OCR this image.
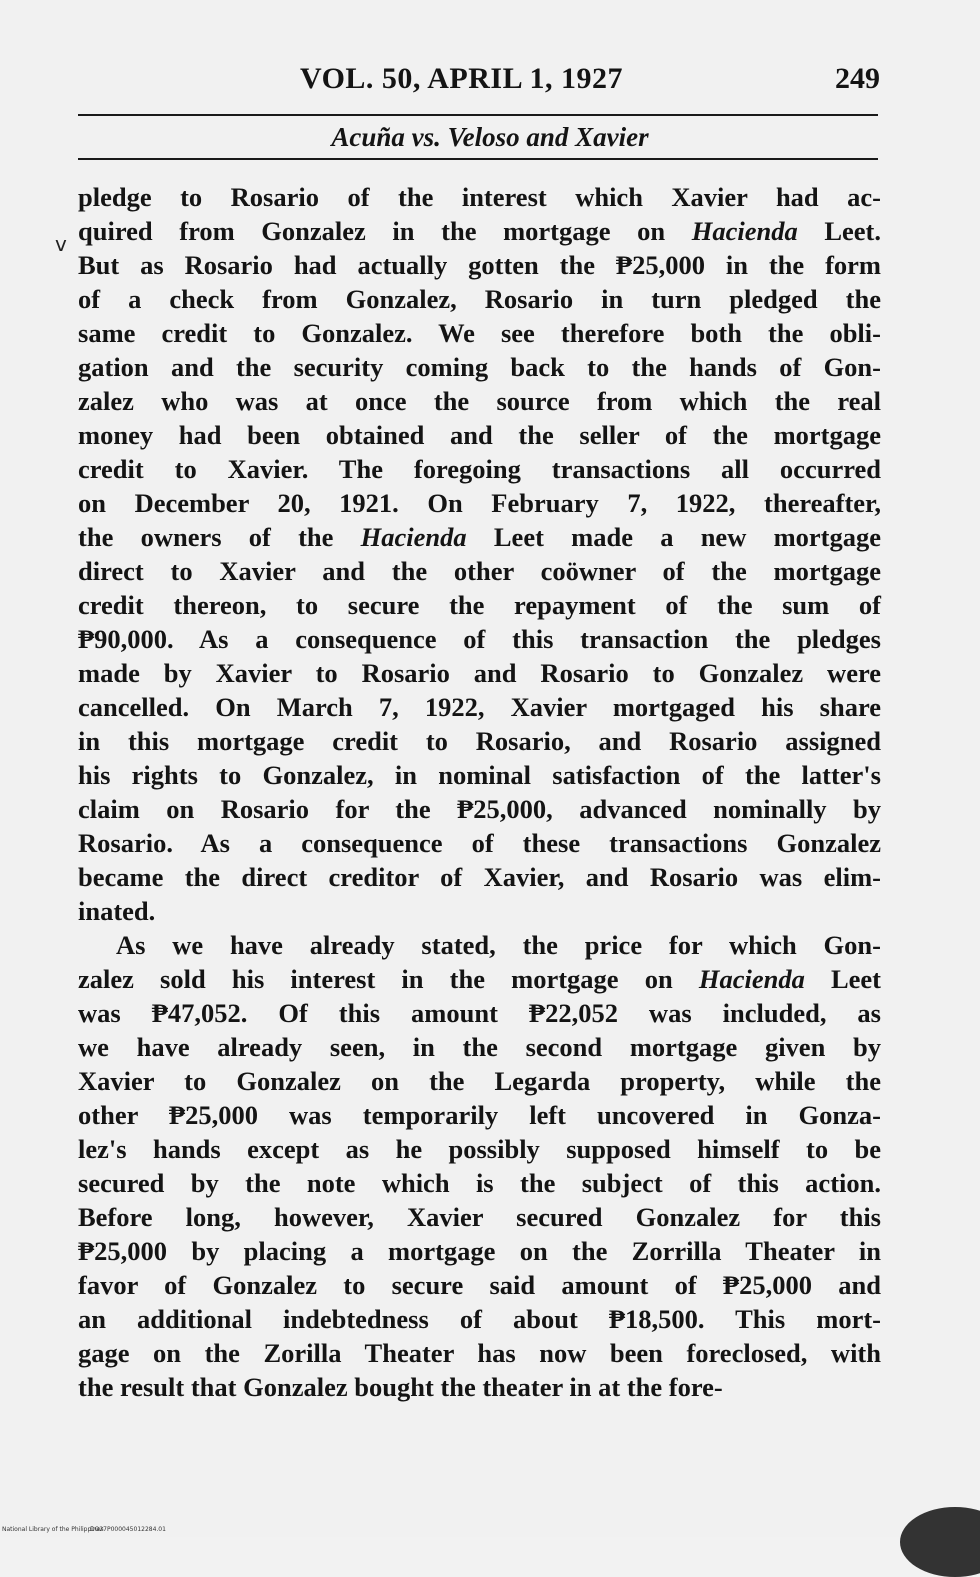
VOL. 50, APRIL 1, 1927	249
Acuña vs. Veloso and Xavier
v
pledge to Rosario of the interest which Xavier had ac-
quired from Gonzalez in the mortgage on Hacienda Leet.
But as Rosario had actually gotten the ₱25,000 in the form
of a check from Gonzalez, Rosario in turn pledged the
same credit to Gonzalez. We see therefore both the obli-
gation and the security coming back to the hands of Gon-
zalez who was at once the source from which the real
money had been obtained and the seller of the mortgage
credit to Xavier. The foregoing transactions all occurred
on December 20, 1921. On February 7, 1922, thereafter,
the owners of the Hacienda Leet made a new mortgage
direct to Xavier and the other coöwner of the mortgage
credit thereon, to secure the repayment of the sum of
₱90,000. As a consequence of this transaction the pledges
made by Xavier to Rosario and Rosario to Gonzalez were
cancelled. On March 7, 1922, Xavier mortgaged his share
in this mortgage credit to Rosario, and Rosario assigned
his rights to Gonzalez, in nominal satisfaction of the latter's
claim on Rosario for the ₱25,000, advanced nominally by
Rosario. As a consequence of these transactions Gonzalez
became the direct creditor of Xavier, and Rosario was elim-
inated.
As we have already stated, the price for which Gon-
zalez sold his interest in the mortgage on Hacienda Leet
was ₱47,052. Of this amount ₱22,052 was included, as
we have already seen, in the second mortgage given by
Xavier to Gonzalez on the Legarda property, while the
other ₱25,000 was temporarily left uncovered in Gonza-
lez's hands except as he possibly supposed himself to be
secured by the note which is the subject of this action.
Before long, however, Xavier secured Gonzalez for this
₱25,000 by placing a mortgage on the Zorrilla Theater in
favor of Gonzalez to secure said amount of ₱25,000 and
an additional indebtedness of about ₱18,500. This mort-
gage on the Zorilla Theater has now been foreclosed, with
the result that Gonzalez bought the theater in at the fore-
National Library of the Philippines
DO27P000045012284.01
